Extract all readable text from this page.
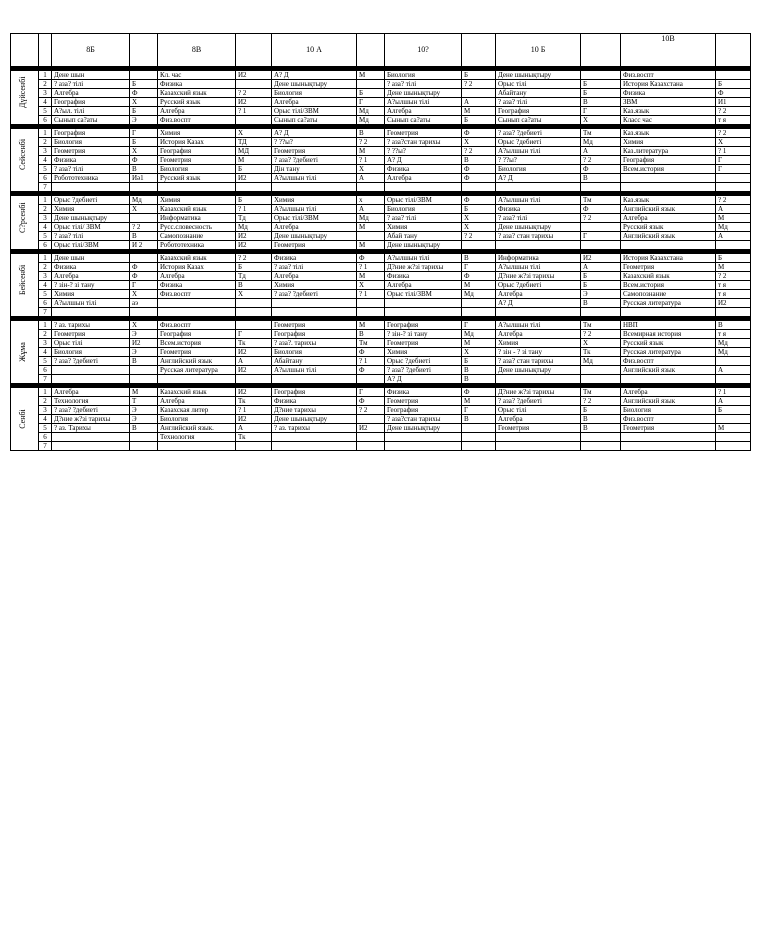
		8Б		8В		10 А		10?		10 Б		10В	

Дүйсенбі	1	Дене шын		Кл. час	И2	А? Д	М	Биология	Б	Дене шынықтыру		Физ.воспт	
	2	? аза? тілі	Б	Физика		Дене шынықтыру		? аза? тілі	? 2	Орыс тілі	Б	История Казахстана	Б
	3	Алгебра	Ф	Казахский язык	? 2	Биология	Б	Дене шынықтыру		Абайтану	Б	Физика	Ф
	4	География	Х	Русский язык	И2	Алгебра	Г	А?ылшын тілі	А	? аза? тілі	В	ЗВМ	И1
	5	А?ыл. тілі	Б	Алгебра	? 1	Орыс тілі/ЗВМ	Мд	Алгебра	М	География	Г	Каз.язык	? 2
	6	Сынып са?аты	Э	Физ.воспт		Сынып са?аты	Мд	Сынып са?аты	Б	Сынып са?аты	Х	Класс час	т я

Сейсенбі	1	География	Г	Химия	Х	А? Д	В	Геометрия	Ф	? аза? ?дебиеті	Тм	Каз.язык	? 2
	2	Биология	Б	История Казах	ТД	? ??ы?	? 2	? аза?стан тарихы	Х	Орыс ?дебиеті	Мд	Химия	Х
	3	Геометрия	Х	География	МД	Геометрия	М	? ??ы?	? 2	А?ылшын тілі	А	Каз.литература	? 1
	4	Физика	Ф	Геометрия	М	? аза? ?дебиеті	? 1	А? Д	В	? ??ы?	? 2	География	Г
	5	? аза? тілі	В	Биология	Б	Дін тану	Х	Физика	Ф	Биология	Ф	Всем.история	Г
	6	Робототехника	Иә1	Русский язык	И2	А?ылшын тілі	А	Алгебра	Ф	А? Д	В		
	7												

С?рсенбі	1	Орыс ?дебиеті	Мд	Химия	Б	Химия	х	Орыс тілі/ЗВМ	Ф	А?ылшын тілі	Тм	Каз.язык	? 2
	2	Химия	Х	Казахский язык	? 1	А?ылшын тілі	А	Биология	Б	Физика	Ф	Английский язык	А
	3	Дене шынықтыру		Информатика	Тд	Орыс тілі/ЗВМ	Мд	? аза? тілі	Х	? аза? тілі	? 2	Алгебра	М
	4	Орыс тілі/ ЗВМ	? 2	Русс.словесность	Мд	Алгебра	М	Химия	Х	Дене шынықтыру		Русский язык	Мд
	5	? аза? тілі	В	Самопознание	И2	Дене шынықтыру		Абай тану	? 2	? аза? стан тарихы	Г	Английский язык	А
	6	Орыс тілі/ЗВМ	И 2	Робототехника	И2	Геометрия	М	Дене шынықтыру					

Бейсенбі	1	Дене шын		Казахский язык	? 2	Физика	Ф	А?ылшын тілі	В	Информатика	И2	История Казахстана	Б
	2	Физика	Ф	История Казах	Б	? аза? тілі	? 1	Д?ние ж?зі тарихы	Г	А?ылшын тілі	А	Геометрия	М
	3	Алгебра	Ф	Алгебра	Тд	Алгебра	М	Физика	Ф	Д?ние ж?зі тарихы	Б	Казахский язык	? 2
	4	? зін-? зі тану	Г	Физика	В	Химия	Х	Алгебра	М	Орыс ?дебиеті	Б	Всем.история	т я
	5	Химия	Х	Физ.воспт	Х	? аза? ?дебиеті	? 1	Орыс тілі/ЗВМ	Мд	Алгебра	Э	Самопознание	т я
	6	А?ылшын тілі	аэ							А? Д	В	Русская литература	И2
	7												

Жұма	1	? аз. тарихы	Х	Физ.воспт		Геометрия	М	География	Г	А?ылшын тілі	Тм	НВП	В
	2	Геометрия	Э	География	Г	География	В	? зін-? зі тану	Мд	Алгебра	? 2	Всемирная история	т я
	3	Орыс тілі	И2	Всем.история	Тк	? аза?. тарихы	Тм	Геометрия	М	Химия	Х	Русский язык	Мд
	4	Биология	Э	Геометрия	И2	Биология	Ф	Химия	Х	? зін - ? зі тану	Тк	Русская литература	Мд
	5	? аза? ?дебиеті	В	Английский язык	А	Абайтану	? 1	Орыс ?дебиеті	Б	? аза? стан тарихы	Мд	Физ.воспт	
	6			Русская литература	И2	А?ылшын тілі	Ф	? аза? ?дебиеті	В	Дене шынықтыру		Английский язык	А
	7							А? Д	В				

Сенбі	1	Алгебра	М	Казахский язык	И2	География	Г	Физика	Ф	Д?ние ж?зі тарихы	Тм	Алгебра	? 1
	2	Технология	Т	Алгебра	Тк	Физика	Ф	Геометрия	М	? аза? ?дебиеті	? 2	Английский язык	А
	3	? аза? ?дебиеті	Э	Казахская литер	? 1	Д?ние тарихы	? 2	География	Г	Орыс тілі	Б	Биология	Б
	4	Д?ние ж?зі тарихы	Э	Биология	И2	Дене шынықтыру		? аза?стан тарихы	В	Алгебра	В	Физ.воспт	
	5	? аз. Тарихы	В	Английский язык.	А	? аз. тарихы	И2	Дене шынықтыру		Геометрия	В	Геометрия	М
	6			Технология	Тк								
	7												
